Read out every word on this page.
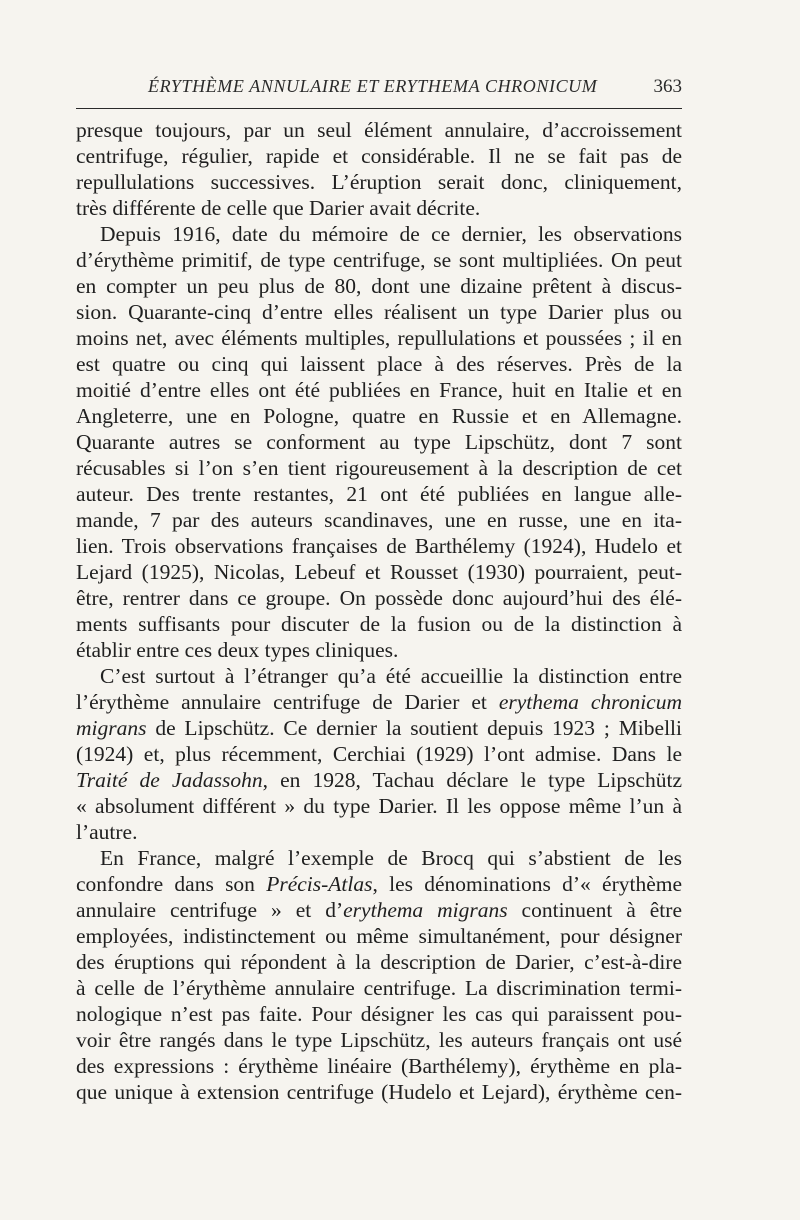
ÉRYTHÈME ANNULAIRE ET ERYTHEMA CHRONICUM	363
presque toujours, par un seul élément annulaire, d’accroissement
centrifuge, régulier, rapide et considérable. Il ne se fait pas de
repullulations successives. L’éruption serait donc, cliniquement,
très différente de celle que Darier avait décrite.
Depuis 1916, date du mémoire de ce dernier, les observations
d’érythème primitif, de type centrifuge, se sont multipliées. On peut
en compter un peu plus de 80, dont une dizaine prêtent à discus-
sion. Quarante-cinq d’entre elles réalisent un type Darier plus ou
moins net, avec éléments multiples, repullulations et poussées ; il en
est quatre ou cinq qui laissent place à des réserves. Près de la
moitié d’entre elles ont été publiées en France, huit en Italie et en
Angleterre, une en Pologne, quatre en Russie et en Allemagne.
Quarante autres se conforment au type Lipschütz, dont 7 sont
récusables si l’on s’en tient rigoureusement à la description de cet
auteur. Des trente restantes, 21 ont été publiées en langue alle-
mande, 7 par des auteurs scandinaves, une en russe, une en ita-
lien. Trois observations françaises de Barthélemy (1924), Hudelo et
Lejard (1925), Nicolas, Lebeuf et Rousset (1930) pourraient, peut-
être, rentrer dans ce groupe. On possède donc aujourd’hui des élé-
ments suffisants pour discuter de la fusion ou de la distinction à
établir entre ces deux types cliniques.
C’est surtout à l’étranger qu’a été accueillie la distinction entre
l’érythème annulaire centrifuge de Darier et erythema chronicum
migrans de Lipschütz. Ce dernier la soutient depuis 1923 ; Mibelli
(1924) et, plus récemment, Cerchiai (1929) l’ont admise. Dans le
Traité de Jadassohn, en 1928, Tachau déclare le type Lipschütz
« absolument différent » du type Darier. Il les oppose même l’un à
l’autre.
En France, malgré l’exemple de Brocq qui s’abstient de les
confondre dans son Précis-Atlas, les dénominations d’« érythème
annulaire centrifuge » et d’erythema migrans continuent à être
employées, indistinctement ou même simultanément, pour désigner
des éruptions qui répondent à la description de Darier, c’est-à-dire
à celle de l’érythème annulaire centrifuge. La discrimination termi-
nologique n’est pas faite. Pour désigner les cas qui paraissent pou-
voir être rangés dans le type Lipschütz, les auteurs français ont usé
des expressions : érythème linéaire (Barthélemy), érythème en pla-
que unique à extension centrifuge (Hudelo et Lejard), érythème cen-
